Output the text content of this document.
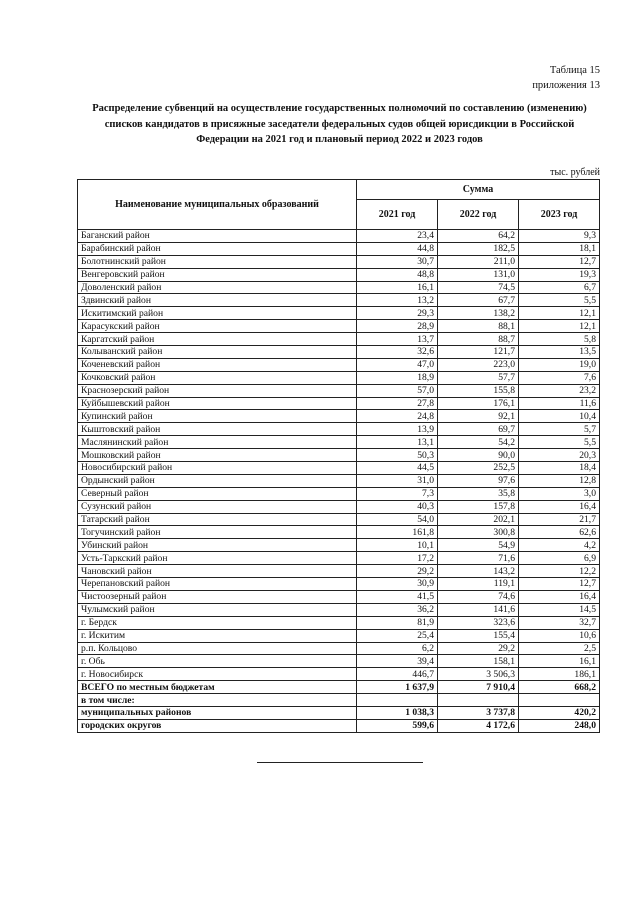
Таблица 15
приложения 13
Распределение субвенций на осуществление государственных полномочий по составлению (изменению) списков кандидатов в присяжные заседатели федеральных судов общей юрисдикции в Российской Федерации на 2021 год и плановый период 2022 и 2023 годов
тыс. рублей
Наименование муниципальных образований	Сумма		
	2021 год	2022 год	2023 год
Баганский район	23,4	64,2	9,3
Барабинский район	44,8	182,5	18,1
Болотнинский район	30,7	211,0	12,7
Венгеровский район	48,8	131,0	19,3
Доволенский район	16,1	74,5	6,7
Здвинский район	13,2	67,7	5,5
Искитимский район	29,3	138,2	12,1
Карасукский район	28,9	88,1	12,1
Каргатский район	13,7	88,7	5,8
Колыванский район	32,6	121,7	13,5
Коченевский район	47,0	223,0	19,0
Кочковский район	18,9	57,7	7,6
Краснозерский район	57,0	155,8	23,2
Куйбышевский район	27,8	176,1	11,6
Купинский район	24,8	92,1	10,4
Кыштовский район	13,9	69,7	5,7
Маслянинский район	13,1	54,2	5,5
Мошковский район	50,3	90,0	20,3
Новосибирский район	44,5	252,5	18,4
Ордынский район	31,0	97,6	12,8
Северный район	7,3	35,8	3,0
Сузунский район	40,3	157,8	16,4
Татарский район	54,0	202,1	21,7
Тогучинский район	161,8	300,8	62,6
Убинский район	10,1	54,9	4,2
Усть-Таркский район	17,2	71,6	6,9
Чановский район	29,2	143,2	12,2
Черепановский район	30,9	119,1	12,7
Чистоозерный район	41,5	74,6	16,4
Чулымский район	36,2	141,6	14,5
г. Бердск	81,9	323,6	32,7
г. Искитим	25,4	155,4	10,6
р.п. Кольцово	6,2	29,2	2,5
г. Обь	39,4	158,1	16,1
г. Новосибирск	446,7	3 506,3	186,1
ВСЕГО по местным бюджетам	1 637,9	7 910,4	668,2
в том числе:			
муниципальных районов	1 038,3	3 737,8	420,2
городских округов	599,6	4 172,6	248,0
